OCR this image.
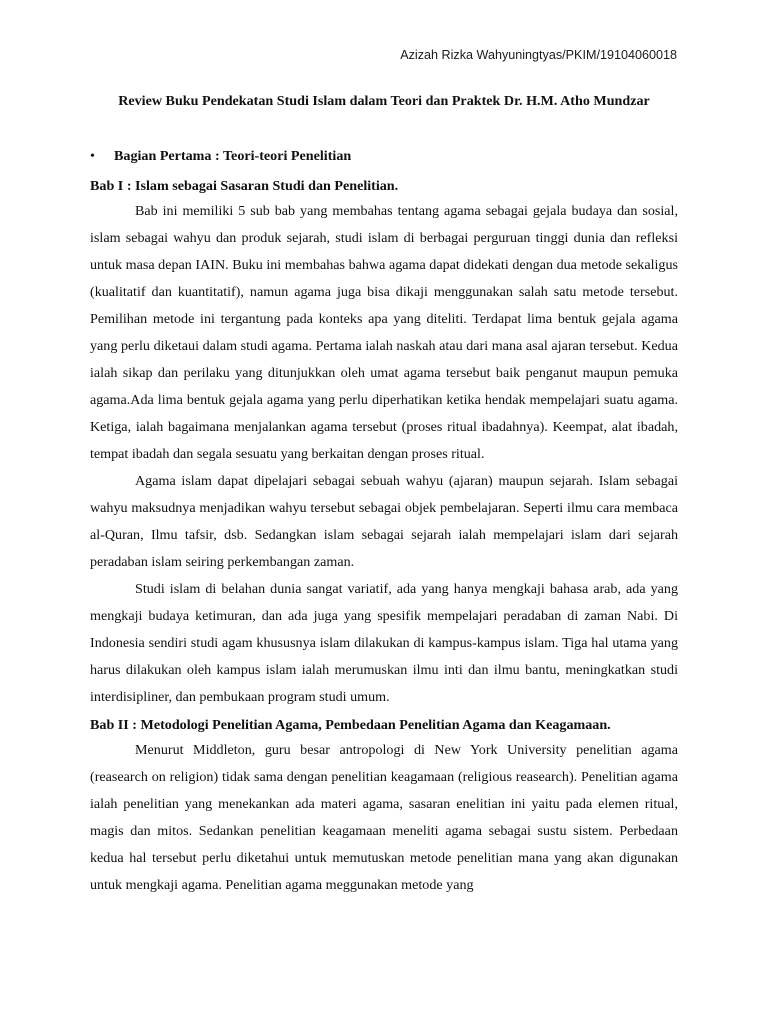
Azizah Rizka Wahyuningtyas/PKIM/19104060018
Review Buku Pendekatan Studi Islam dalam Teori dan Praktek Dr. H.M. Atho Mundzar
• Bagian Pertama : Teori-teori Penelitian
Bab I : Islam sebagai Sasaran Studi dan Penelitian.

Bab ini memiliki 5 sub bab yang membahas tentang agama sebagai gejala budaya dan sosial, islam sebagai wahyu dan produk sejarah, studi islam di berbagai perguruan tinggi dunia dan refleksi untuk masa depan IAIN. Buku ini membahas bahwa agama dapat didekati dengan dua metode sekaligus (kualitatif dan kuantitatif), namun agama juga bisa dikaji menggunakan salah satu metode tersebut. Pemilihan metode ini tergantung pada konteks apa yang diteliti. Terdapat lima bentuk gejala agama yang perlu diketaui dalam studi agama. Pertama ialah naskah atau dari mana asal ajaran tersebut. Kedua ialah sikap dan perilaku yang ditunjukkan oleh umat agama tersebut baik penganut maupun pemuka agama.Ada lima bentuk gejala agama yang perlu diperhatikan ketika hendak mempelajari suatu agama. Ketiga, ialah bagaimana menjalankan agama tersebut (proses ritual ibadahnya). Keempat, alat ibadah, tempat ibadah dan segala sesuatu yang berkaitan dengan proses ritual.

Agama islam dapat dipelajari sebagai sebuah wahyu (ajaran) maupun sejarah. Islam sebagai wahyu maksudnya menjadikan wahyu tersebut sebagai objek pembelajaran. Seperti ilmu cara membaca al-Quran, Ilmu tafsir, dsb. Sedangkan islam sebagai sejarah ialah mempelajari islam dari sejarah peradaban islam seiring perkembangan zaman.

Studi islam di belahan dunia sangat variatif, ada yang hanya mengkaji bahasa arab, ada yang mengkaji budaya ketimuran, dan ada juga yang spesifik mempelajari peradaban di zaman Nabi. Di Indonesia sendiri studi agam khususnya islam dilakukan di kampus-kampus islam. Tiga hal utama yang harus dilakukan oleh kampus islam ialah merumuskan ilmu inti dan ilmu bantu, meningkatkan studi interdisipliner, dan pembukaan program studi umum.

Bab II : Metodologi Penelitian Agama, Pembedaan Penelitian Agama dan Keagamaan.

Menurut Middleton, guru besar antropologi di New York University penelitian agama (reasearch on religion) tidak sama dengan penelitian keagamaan (religious reasearch). Penelitian agama ialah penelitian yang menekankan ada materi agama, sasaran enelitian ini yaitu pada elemen ritual, magis dan mitos. Sedankan penelitian keagamaan meneliti agama sebagai sustu sistem. Perbedaan kedua hal tersebut perlu diketahui untuk memutuskan metode penelitian mana yang akan digunakan untuk mengkaji agama. Penelitian agama meggunakan metode yang
